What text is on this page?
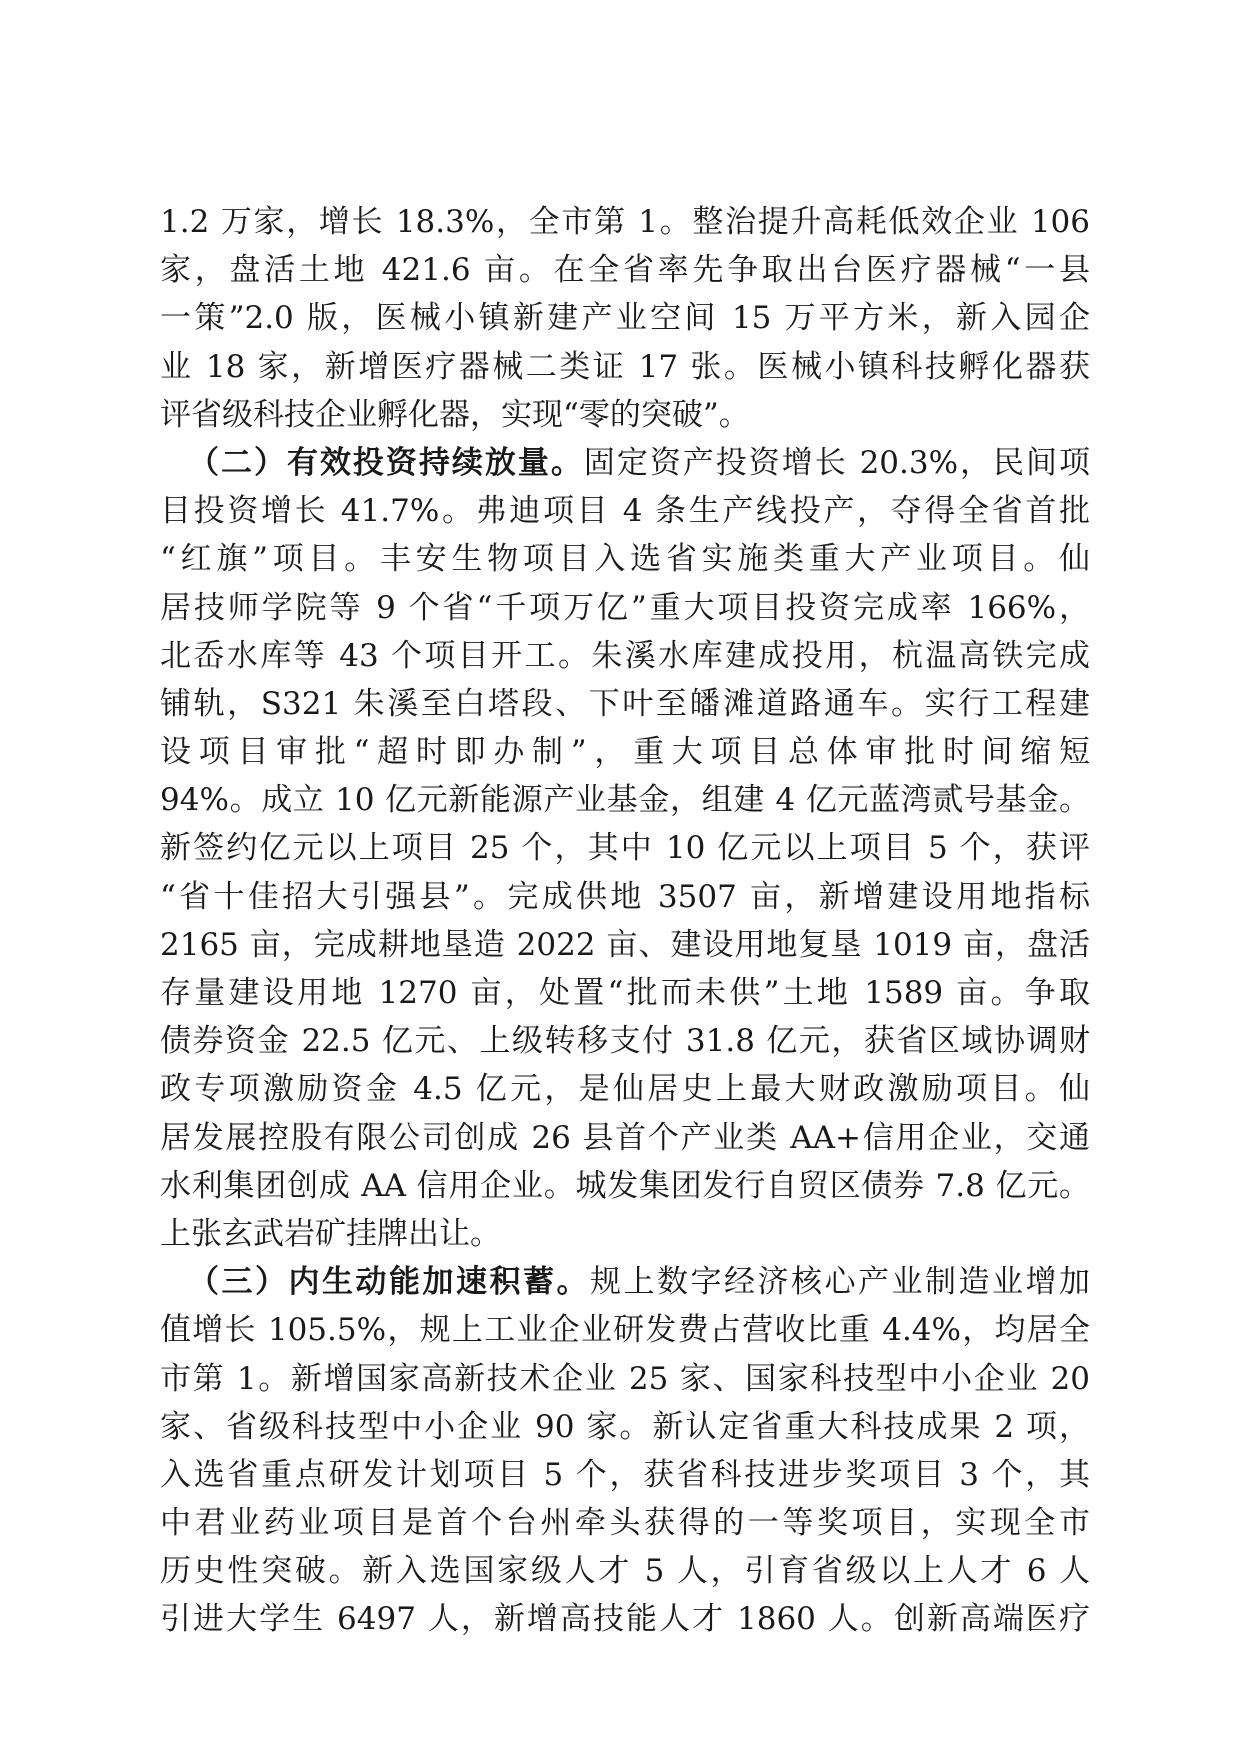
1.2 万家，增长 18.3%，全市第 1。整治提升高耗低效企业 106
家，盘活土地 421.6 亩。在全省率先争取出台医疗器械“一县
一策”2.0 版，医械小镇新建产业空间 15 万平方米，新入园企
业 18 家，新增医疗器械二类证 17 张。医械小镇科技孵化器获
评省级科技企业孵化器，实现“零的突破”。
（二）有效投资持续放量。固定资产投资增长 20.3%，民间项
目投资增长 41.7%。弗迪项目 4 条生产线投产，夺得全省首批
“红旗”项目。丰安生物项目入选省实施类重大产业项目。仙
居技师学院等 9 个省“千项万亿”重大项目投资完成率 166%，
北岙水库等 43 个项目开工。朱溪水库建成投用，杭温高铁完成
铺轨，S321 朱溪至白塔段、下叶至皤滩道路通车。实行工程建
设项目审批“超时即办制”，重大项目总体审批时间缩短
94%。成立 10 亿元新能源产业基金，组建 4 亿元蓝湾贰号基金。
新签约亿元以上项目 25 个，其中 10 亿元以上项目 5 个，获评
“省十佳招大引强县”。完成供地 3507 亩，新增建设用地指标
2165 亩，完成耕地垦造 2022 亩、建设用地复垦 1019 亩，盘活
存量建设用地 1270 亩，处置“批而未供”土地 1589 亩。争取
债券资金 22.5 亿元、上级转移支付 31.8 亿元，获省区域协调财
政专项激励资金 4.5 亿元，是仙居史上最大财政激励项目。仙
居发展控股有限公司创成 26 县首个产业类 AA+信用企业，交通
水利集团创成 AA 信用企业。城发集团发行自贸区债券 7.8 亿元。
上张玄武岩矿挂牌出让。
（三）内生动能加速积蓄。规上数字经济核心产业制造业增加
值增长 105.5%，规上工业企业研发费占营收比重 4.4%，均居全
市第 1。新增国家高新技术企业 25 家、国家科技型中小企业 20
家、省级科技型中小企业 90 家。新认定省重大科技成果 2 项，
入选省重点研发计划项目 5 个，获省科技进步奖项目 3 个，其
中君业药业项目是首个台州牵头获得的一等奖项目，实现全市
历史性突破。新入选国家级人才 5 人，引育省级以上人才 6 人
引进大学生 6497 人，新增高技能人才 1860 人。创新高端医疗
